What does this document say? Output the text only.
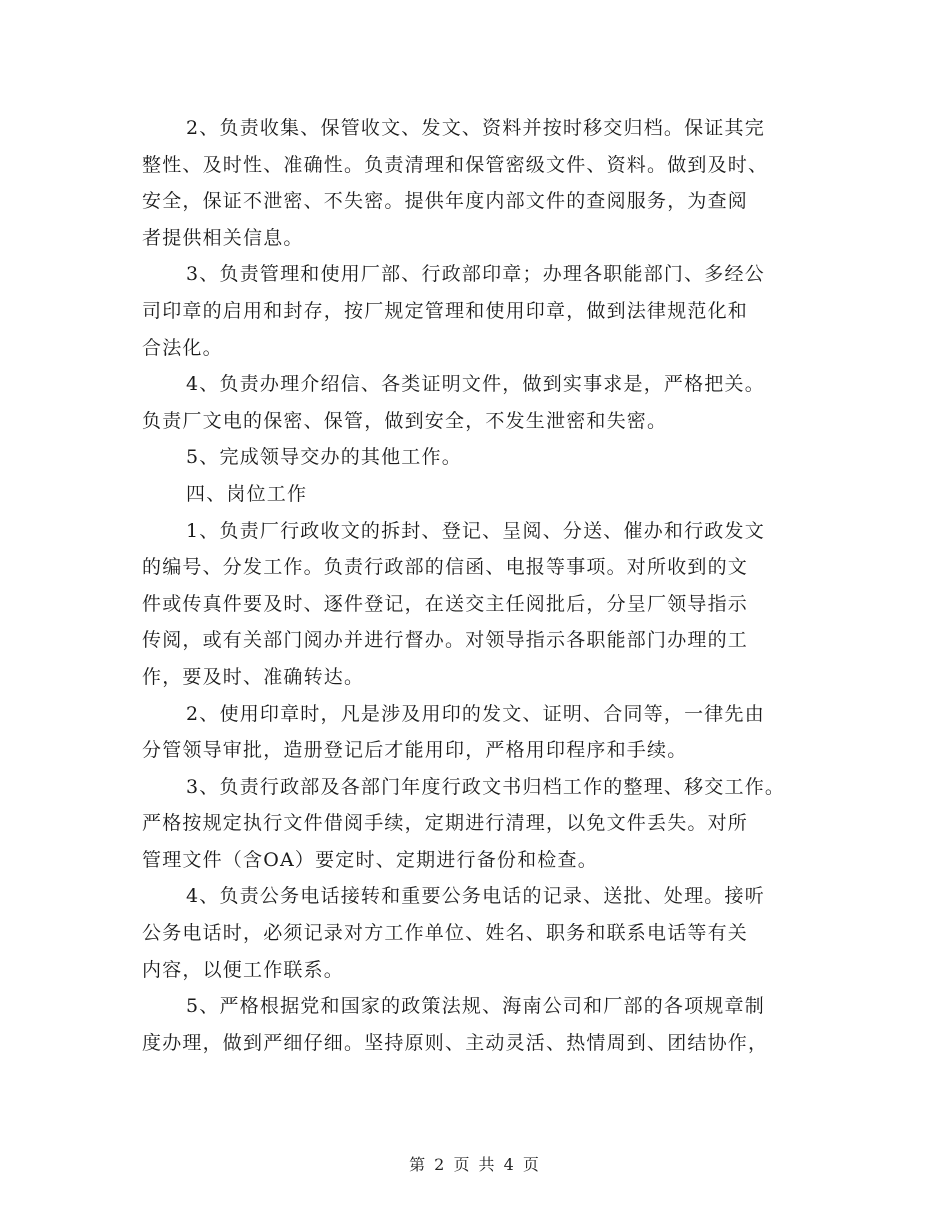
2、负责收集、保管收文、发文、资料并按时移交归档。保证其完
整性、及时性、准确性。负责清理和保管密级文件、资料。做到及时、
安全，保证不泄密、不失密。提供年度内部文件的查阅服务，为查阅
者提供相关信息。
3、负责管理和使用厂部、行政部印章；办理各职能部门、多经公
司印章的启用和封存，按厂规定管理和使用印章，做到法律规范化和
合法化。
4、负责办理介绍信、各类证明文件，做到实事求是，严格把关。
负责厂文电的保密、保管，做到安全，不发生泄密和失密。
5、完成领导交办的其他工作。
四、岗位工作
1、负责厂行政收文的拆封、登记、呈阅、分送、催办和行政发文
的编号、分发工作。负责行政部的信函、电报等事项。对所收到的文
件或传真件要及时、逐件登记，在送交主任阅批后，分呈厂领导指示
传阅，或有关部门阅办并进行督办。对领导指示各职能部门办理的工
作，要及时、准确转达。
2、使用印章时，凡是涉及用印的发文、证明、合同等，一律先由
分管领导审批，造册登记后才能用印，严格用印程序和手续。
3、负责行政部及各部门年度行政文书归档工作的整理、移交工作。
严格按规定执行文件借阅手续，定期进行清理，以免文件丢失。对所
管理文件（含OA）要定时、定期进行备份和检查。
4、负责公务电话接转和重要公务电话的记录、送批、处理。接听
公务电话时，必须记录对方工作单位、姓名、职务和联系电话等有关
内容，以便工作联系。
5、严格根据党和国家的政策法规、海南公司和厂部的各项规章制
度办理，做到严细仔细。坚持原则、主动灵活、热情周到、团结协作，
第 2 页 共 4 页
